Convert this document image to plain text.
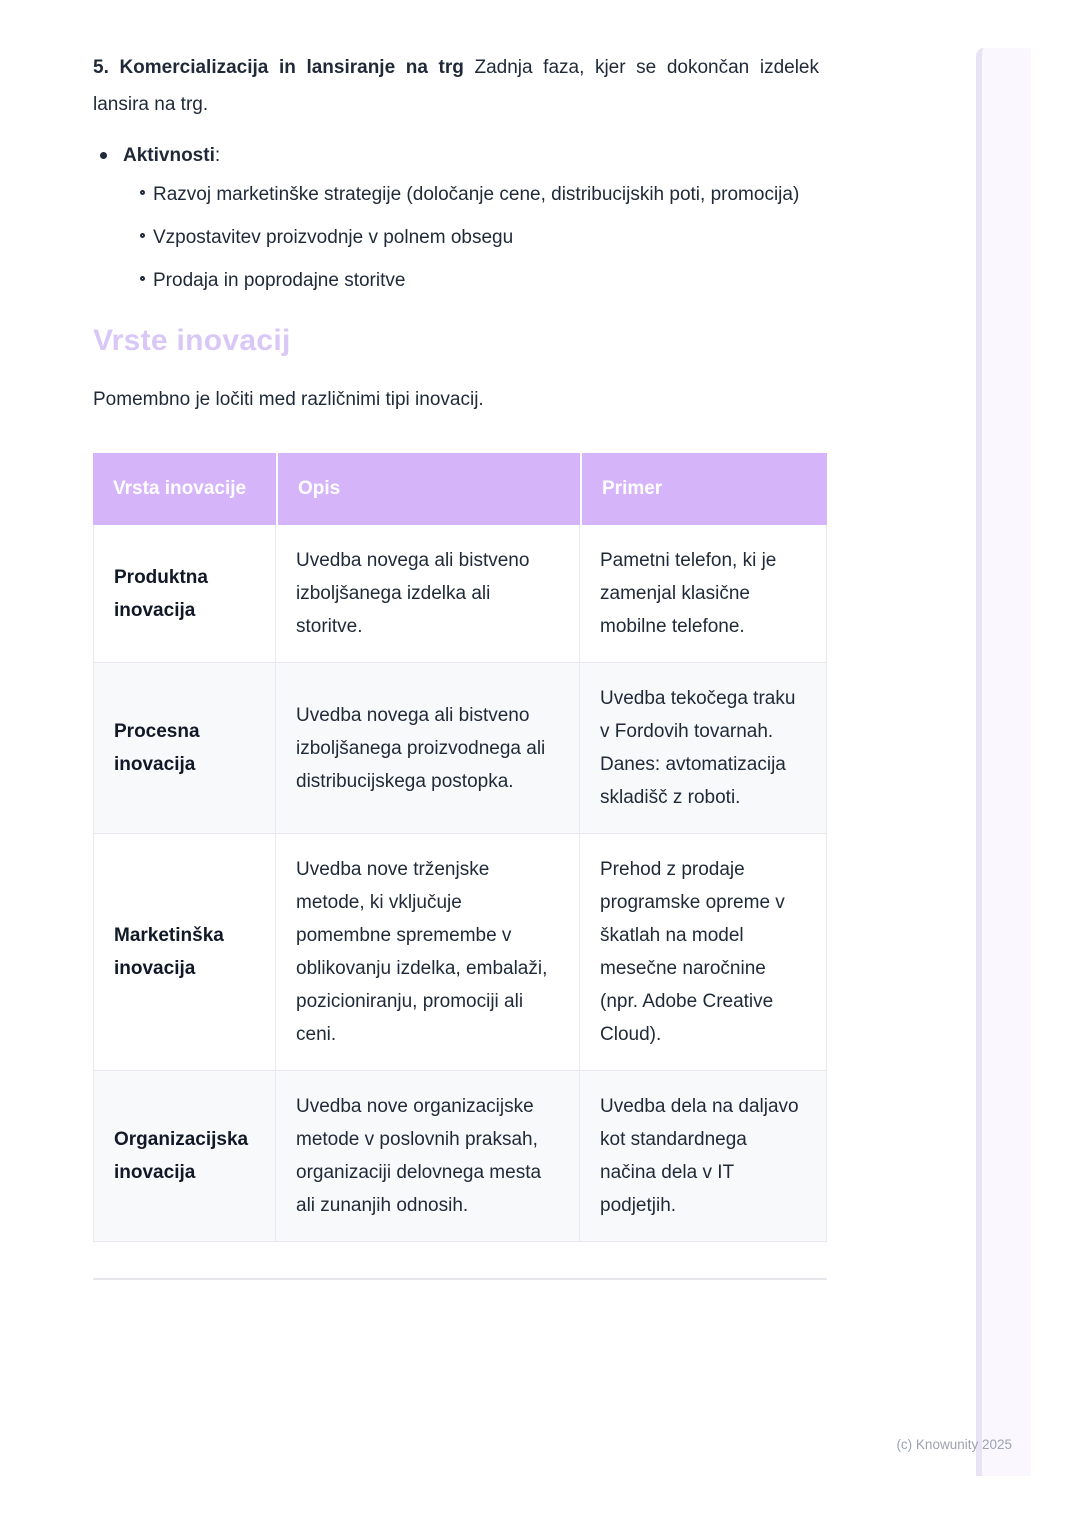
5. Komercializacija in lansiranje na trg Zadnja faza, kjer se dokončan izdelek lansira na trg.

Aktivnosti:
Razvoj marketinške strategije (določanje cene, distribucijskih poti, promocija)
Vzpostavitev proizvodnje v polnem obsegu
Prodaja in poprodajne storitve
Vrste inovacij

Pomembno je ločiti med različnimi tipi inovacij.

Vrsta inovacije	Opis	Primer
Produktna inovacija	Uvedba novega ali bistveno izboljšanega izdelka ali storitve.	Pametni telefon, ki je zamenjal klasične mobilne telefone.
Procesna inovacija	Uvedba novega ali bistveno izboljšanega proizvodnega ali distribucijskega postopka.	Uvedba tekočega traku v Fordovih tovarnah. Danes: avtomatizacija skladišč z roboti.
Marketinška inovacija	Uvedba nove trženjske metode, ki vključuje pomembne spremembe v oblikovanju izdelka, embalaži, pozicioniranju, promociji ali ceni.	Prehod z prodaje programske opreme v škatlah na model mesečne naročnine (npr. Adobe Creative Cloud).
Organizacijska inovacija	Uvedba nove organizacijske metode v poslovnih praksah, organizaciji delovnega mesta ali zunanjih odnosih.	Uvedba dela na daljavo kot standardnega načina dela v IT podjetjih.
(c) Knowunity 2025
